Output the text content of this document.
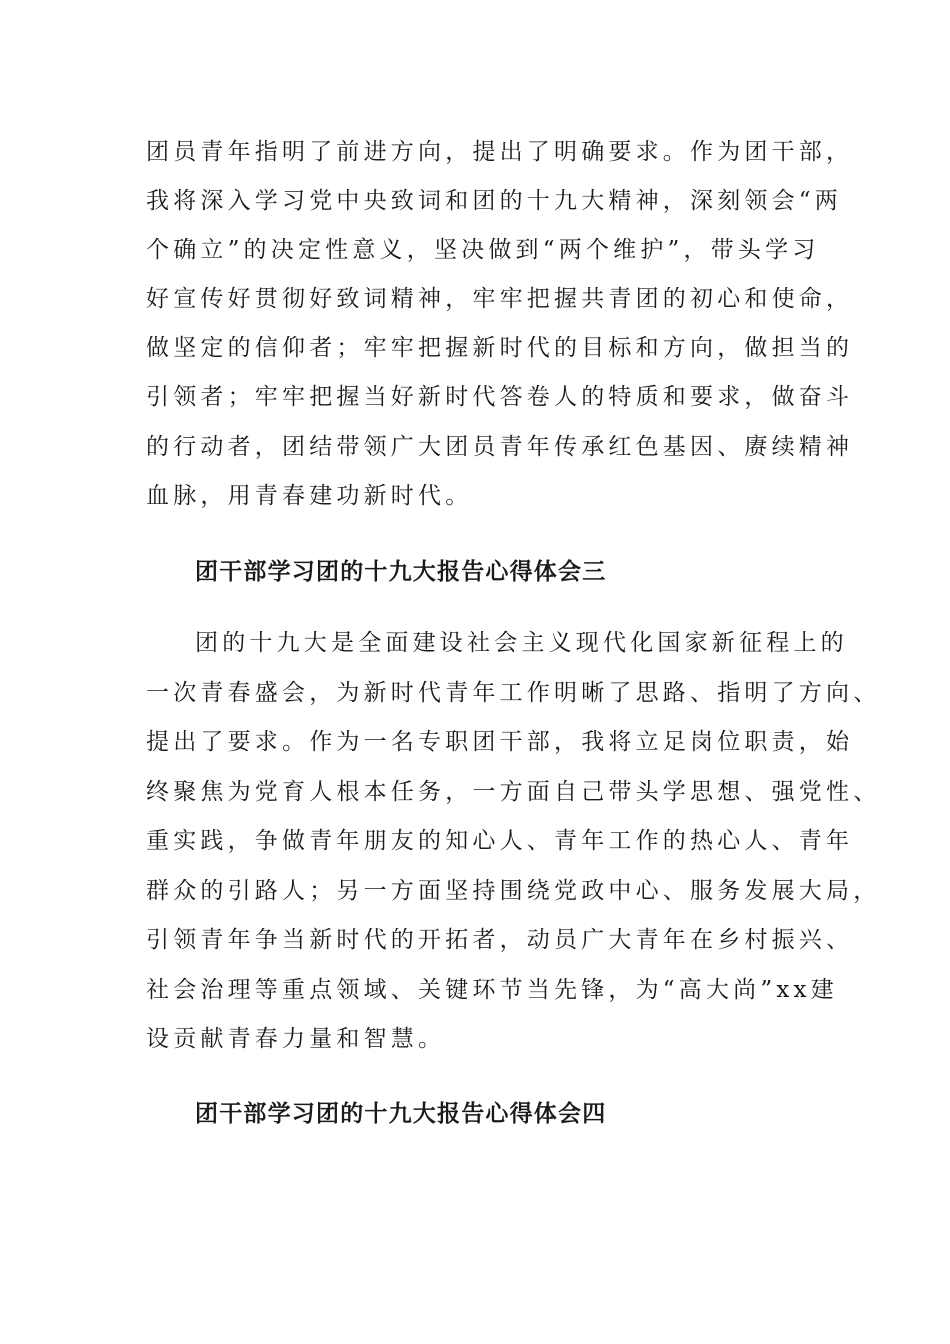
团员青年指明了前进方向，提出了明确要求。作为团干部，
我将深入学习党中央致词和团的十九大精神，深刻领会“两
个确立”的决定性意义，坚决做到“两个维护”，带头学习
好宣传好贯彻好致词精神，牢牢把握共青团的初心和使命，
做坚定的信仰者；牢牢把握新时代的目标和方向，做担当的
引领者；牢牢把握当好新时代答卷人的特质和要求，做奋斗
的行动者，团结带领广大团员青年传承红色基因、赓续精神
血脉，用青春建功新时代。
团干部学习团的十九大报告心得体会三
团的十九大是全面建设社会主义现代化国家新征程上的
一次青春盛会，为新时代青年工作明晰了思路、指明了方向、
提出了要求。作为一名专职团干部，我将立足岗位职责，始
终聚焦为党育人根本任务，一方面自己带头学思想、强党性、
重实践，争做青年朋友的知心人、青年工作的热心人、青年
群众的引路人；另一方面坚持围绕党政中心、服务发展大局，
引领青年争当新时代的开拓者，动员广大青年在乡村振兴、
社会治理等重点领域、关键环节当先锋，为“高大尚”xx建
设贡献青春力量和智慧。
团干部学习团的十九大报告心得体会四
